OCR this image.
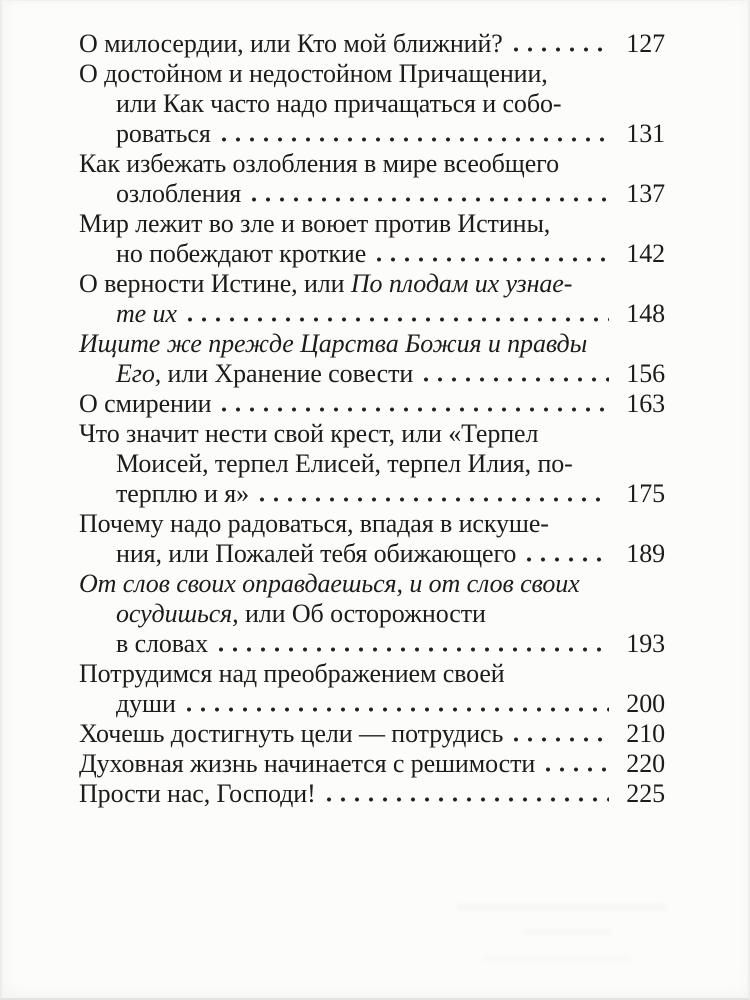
О милосердии, или Кто мой ближний?	127
О достойном и недостойном Причащении,
или Как часто надо причащаться и собо-
роваться	131
Как избежать озлобления в мире всеобщего
озлобления	137
Мир лежит во зле и воюет против Истины,
но побеждают кроткие	142
О верности Истине, или По плодам их узнае-
те их	148
Ищите же прежде Царства Божия и правды
Его, или Хранение совести	156
О смирении	163
Что значит нести свой крест, или «Терпел
Моисей, терпел Елисей, терпел Илия, по-
терплю и я»	175
Почему надо радоваться, впадая в искуше-
ния, или Пожалей тебя обижающего	189
От слов своих оправдаешься, и от слов своих
осудишься, или Об осторожности
в словах	193
Потрудимся над преображением своей
души	200
Хочешь достигнуть цели — потрудись	210
Духовная жизнь начинается с решимости	220
Прости нас, Господи!	225
